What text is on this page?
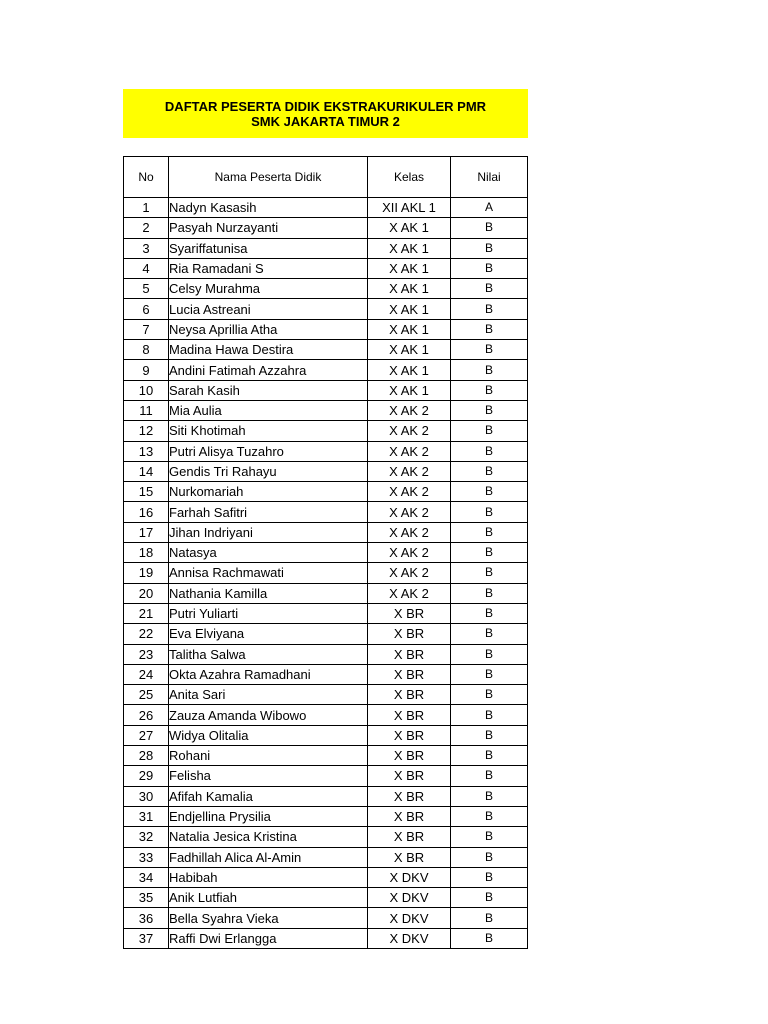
DAFTAR PESERTA DIDIK EKSTRAKURIKULER PMR
SMK JAKARTA TIMUR 2
No	Nama Peserta Didik	Kelas	Nilai
1	Nadyn Kasasih	XII AKL 1	A
2	Pasyah Nurzayanti	X AK 1	B
3	Syariffatunisa	X AK 1	B
4	Ria Ramadani S	X AK 1	B
5	Celsy Murahma	X AK 1	B
6	Lucia Astreani	X AK 1	B
7	Neysa Aprillia Atha	X AK 1	B
8	Madina Hawa Destira	X AK 1	B
9	Andini Fatimah Azzahra	X AK 1	B
10	Sarah Kasih	X AK 1	B
11	Mia Aulia	X AK 2	B
12	Siti Khotimah	X AK 2	B
13	Putri Alisya Tuzahro	X AK 2	B
14	Gendis Tri Rahayu	X AK 2	B
15	Nurkomariah	X AK 2	B
16	Farhah Safitri	X AK 2	B
17	Jihan Indriyani	X AK 2	B
18	Natasya	X AK 2	B
19	Annisa Rachmawati	X AK 2	B
20	Nathania Kamilla	X AK 2	B
21	Putri Yuliarti	X BR	B
22	Eva Elviyana	X BR	B
23	Talitha Salwa	X BR	B
24	Okta Azahra Ramadhani	X BR	B
25	Anita Sari	X BR	B
26	Zauza Amanda Wibowo	X BR	B
27	Widya Olitalia	X BR	B
28	Rohani	X BR	B
29	Felisha	X BR	B
30	Afifah Kamalia	X BR	B
31	Endjellina Prysilia	X BR	B
32	Natalia Jesica Kristina	X BR	B
33	Fadhillah Alica Al-Amin	X BR	B
34	Habibah	X DKV	B
35	Anik Lutfiah	X DKV	B
36	Bella Syahra Vieka	X DKV	B
37	Raffi Dwi Erlangga	X DKV	B
